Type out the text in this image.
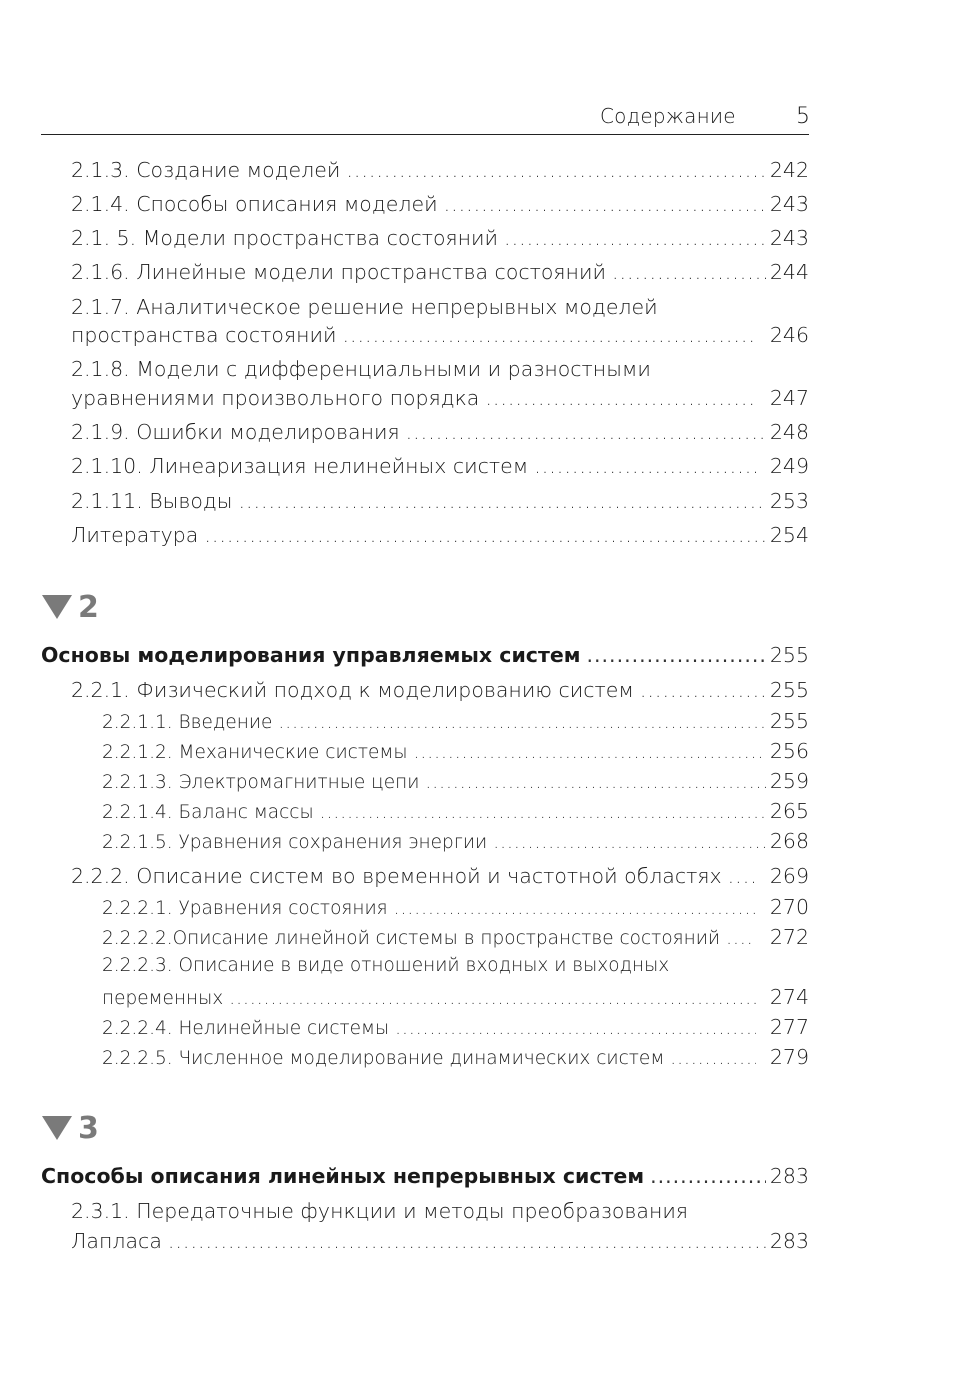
Содержание	5
2.1.3. Создание моделей .....	242
2.1.4. Способы описания моделей .....	243
2.1. 5. Модели пространства состояний .....	243
2.1.6. Линейные модели пространства состояний .....	244
2.1.7. Аналитическое решение непрерывных моделей
пространства состояний .....	246
2.1.8. Модели с дифференциальными и разностными
уравнениями произвольного порядка .....	247
2.1.9. Ошибки моделирования .....	248
2.1.10. Линеаризация нелинейных систем .....	249
2.1.11. Выводы .....	253
Литература .....	254
2
Основы моделирования управляемых систем .....	255
2.2.1. Физический подход к моделированию систем .....	255
2.2.1.1. Введение .....	255
2.2.1.2. Механические системы .....	256
2.2.1.3. Электромагнитные цепи .....	259
2.2.1.4. Баланс массы .....	265
2.2.1.5. Уравнения сохранения энергии .....	268
2.2.2. Описание систем во временной и частотной областях ..... 269
2.2.2.1. Уравнения состояния .....	270
2.2.2.2.Описание линейной системы в пространстве состояний ..... 272
2.2.2.3. Описание в виде отношений входных и выходных
переменных .....	274
2.2.2.4. Нелинейные системы .....	277
2.2.2.5. Численное моделирование динамических систем .....	279
3
Способы описания линейных непрерывных систем .....	283
2.3.1. Передаточные функции и методы преобразования
Лапласа .....	283
